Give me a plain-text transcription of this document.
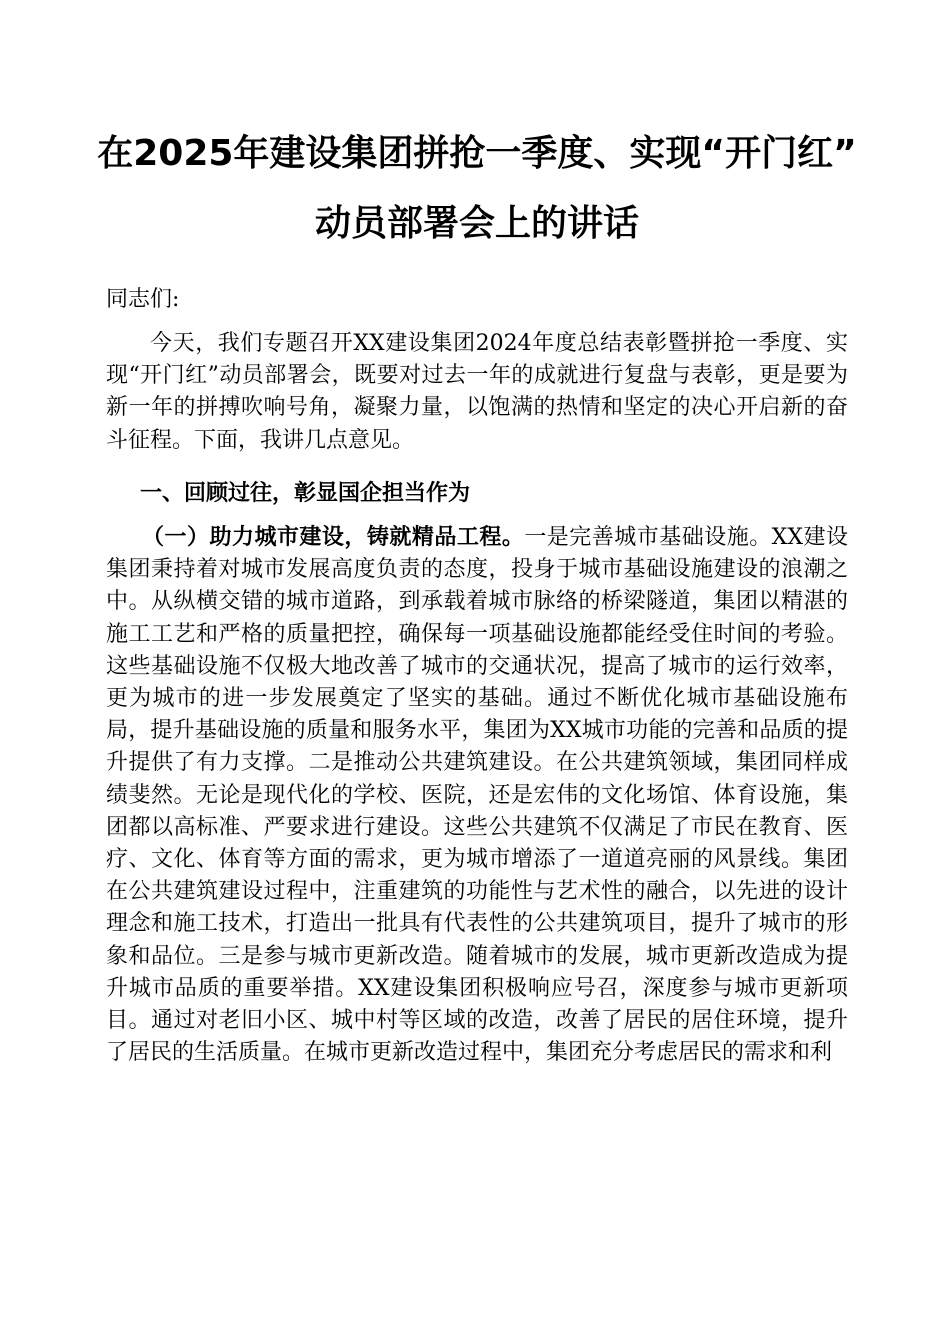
在2025年建设集团拼抢一季度、实现“开门红”
动员部署会上的讲话

同志们:

今天，我们专题召开XX建设集团2024年度总结表彰暨拼抢一季度、实现“开门红”动员部署会，既要对过去一年的成就进行复盘与表彰，更是要为新一年的拼搏吹响号角，凝聚力量，以饱满的热情和坚定的决心开启新的奋斗征程。下面，我讲几点意见。

一、回顾过往，彰显国企担当作为

（一）助力城市建设，铸就精品工程。一是完善城市基础设施。XX建设集团秉持着对城市发展高度负责的态度，投身于城市基础设施建设的浪潮之中。从纵横交错的城市道路，到承载着城市脉络的桥梁隧道，集团以精湛的施工工艺和严格的质量把控，确保每一项基础设施都能经受住时间的考验。这些基础设施不仅极大地改善了城市的交通状况，提高了城市的运行效率，更为城市的进一步发展奠定了坚实的基础。通过不断优化城市基础设施布局，提升基础设施的质量和服务水平，集团为XX城市功能的完善和品质的提升提供了有力支撑。二是推动公共建筑建设。在公共建筑领域，集团同样成绩斐然。无论是现代化的学校、医院，还是宏伟的文化场馆、体育设施，集团都以高标准、严要求进行建设。这些公共建筑不仅满足了市民在教育、医疗、文化、体育等方面的需求，更为城市增添了一道道亮丽的风景线。集团在公共建筑建设过程中，注重建筑的功能性与艺术性的融合，以先进的设计理念和施工技术，打造出一批具有代表性的公共建筑项目，提升了城市的形象和品位。三是参与城市更新改造。随着城市的发展，城市更新改造成为提升城市品质的重要举措。XX建设集团积极响应号召，深度参与城市更新项目。通过对老旧小区、城中村等区域的改造，改善了居民的居住环境，提升了居民的生活质量。在城市更新改造过程中，集团充分考虑居民的需求和利
